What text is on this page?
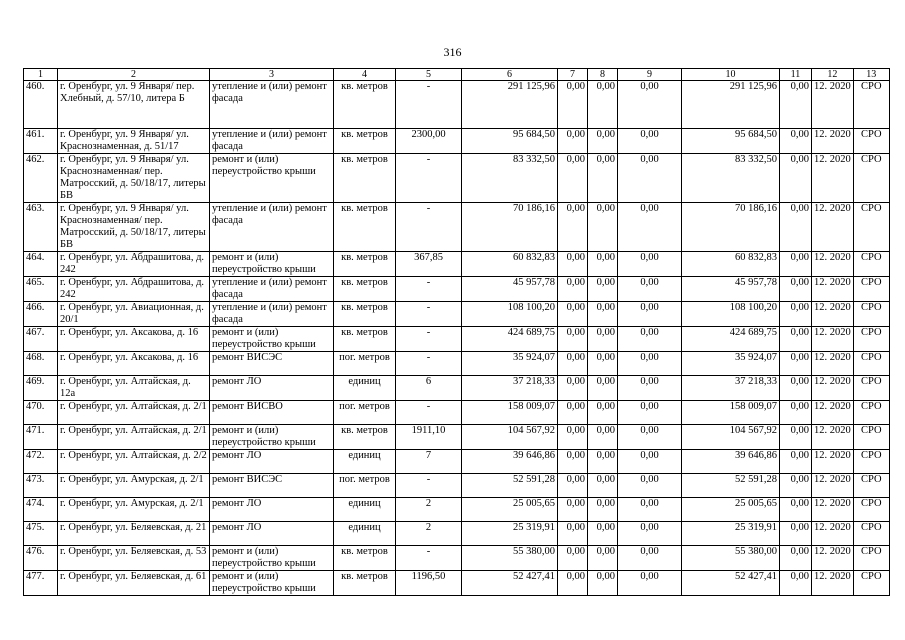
316
1	2	3	4	5	6	7	8	9	10	11	12	13
460.	г. Оренбург, ул. 9 Января/ пер. Хлебный, д. 57/10, литера Б	утепление и (или) ремонт фасада	кв. метров	-	291 125,96	0,00	0,00	0,00	291 125,96	0,00	12. 2020	СРО
461.	г. Оренбург, ул. 9 Января/ ул. Краснознаменная, д. 51/17	утепление и (или) ремонт фасада	кв. метров	2300,00	95 684,50	0,00	0,00	0,00	95 684,50	0,00	12. 2020	СРО
462.	г. Оренбург, ул. 9 Января/ ул. Краснознаменная/ пер. Матросский, д. 50/18/17, литеры БВ	ремонт и (или) переустройство крыши	кв. метров	-	83 332,50	0,00	0,00	0,00	83 332,50	0,00	12. 2020	СРО
463.	г. Оренбург, ул. 9 Января/ ул. Краснознаменная/ пер. Матросский, д. 50/18/17, литеры БВ	утепление и (или) ремонт фасада	кв. метров	-	70 186,16	0,00	0,00	0,00	70 186,16	0,00	12. 2020	СРО
464.	г. Оренбург, ул. Абдрашитова, д. 242	ремонт и (или) переустройство крыши	кв. метров	367,85	60 832,83	0,00	0,00	0,00	60 832,83	0,00	12. 2020	СРО
465.	г. Оренбург, ул. Абдрашитова, д. 242	утепление и (или) ремонт фасада	кв. метров	-	45 957,78	0,00	0,00	0,00	45 957,78	0,00	12. 2020	СРО
466.	г. Оренбург, ул. Авиационная, д. 20/1	утепление и (или) ремонт фасада	кв. метров	-	108 100,20	0,00	0,00	0,00	108 100,20	0,00	12. 2020	СРО
467.	г. Оренбург, ул. Аксакова, д. 16	ремонт и (или) переустройство крыши	кв. метров	-	424 689,75	0,00	0,00	0,00	424 689,75	0,00	12. 2020	СРО
468.	г. Оренбург, ул. Аксакова, д. 16	ремонт ВИСЭС	пог. метров	-	35 924,07	0,00	0,00	0,00	35 924,07	0,00	12. 2020	СРО
469.	г. Оренбург, ул. Алтайская, д. 12а	ремонт ЛО	единиц	6	37 218,33	0,00	0,00	0,00	37 218,33	0,00	12. 2020	СРО
470.	г. Оренбург, ул. Алтайская, д. 2/1	ремонт ВИСВО	пог. метров	-	158 009,07	0,00	0,00	0,00	158 009,07	0,00	12. 2020	СРО
471.	г. Оренбург, ул. Алтайская, д. 2/1	ремонт и (или) переустройство крыши	кв. метров	1911,10	104 567,92	0,00	0,00	0,00	104 567,92	0,00	12. 2020	СРО
472.	г. Оренбург, ул. Алтайская, д. 2/2	ремонт ЛО	единиц	7	39 646,86	0,00	0,00	0,00	39 646,86	0,00	12. 2020	СРО
473.	г. Оренбург, ул. Амурская, д. 2/1	ремонт ВИСЭС	пог. метров	-	52 591,28	0,00	0,00	0,00	52 591,28	0,00	12. 2020	СРО
474.	г. Оренбург, ул. Амурская, д. 2/1	ремонт ЛО	единиц	2	25 005,65	0,00	0,00	0,00	25 005,65	0,00	12. 2020	СРО
475.	г. Оренбург, ул. Беляевская, д. 21	ремонт ЛО	единиц	2	25 319,91	0,00	0,00	0,00	25 319,91	0,00	12. 2020	СРО
476.	г. Оренбург, ул. Беляевская, д. 53	ремонт и (или) переустройство крыши	кв. метров	-	55 380,00	0,00	0,00	0,00	55 380,00	0,00	12. 2020	СРО
477.	г. Оренбург, ул. Беляевская, д. 61	ремонт и (или) переустройство крыши	кв. метров	1196,50	52 427,41	0,00	0,00	0,00	52 427,41	0,00	12. 2020	СРО
